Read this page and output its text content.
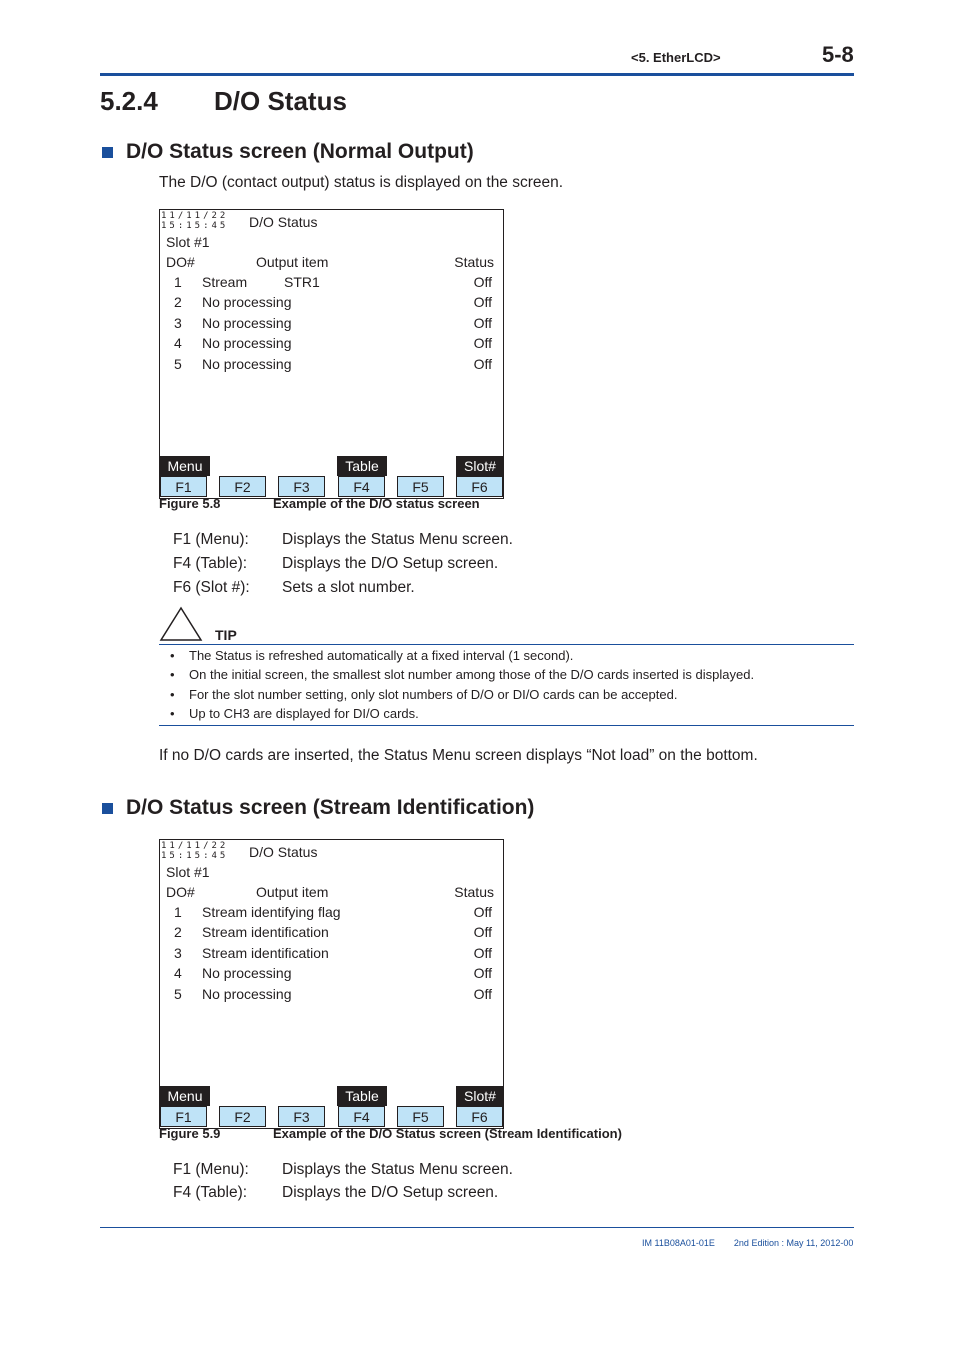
<5. EtherLCD>	5-8
5.2.4 D/O Status
D/O Status screen (Normal Output)
The D/O (contact output) status is displayed on the screen.
11/11/22
15:15:45 D/O Status
Slot #1
DO#	Output item	Status
1 Stream	STR1	Off
2 No processing	Off
3 No processing	Off
4 No processing	Off
5 No processing	Off
Menu	Table	Slot#
F1	F2	F3	F4	F5	F6
Figure 5.8	Example of the D/O status screen
F1 (Menu): Displays the Status Menu screen.
F4 (Table): Displays the D/O Setup screen.
F6 (Slot #): Sets a slot number.
TIP
• The Status is refreshed automatically at a fixed interval (1 second).
• On the initial screen, the smallest slot number among those of the D/O cards inserted is displayed.
• For the slot number setting, only slot numbers of D/O or DI/O cards can be accepted.
• Up to CH3 are displayed for DI/O cards.
If no D/O cards are inserted, the Status Menu screen displays “Not load” on the bottom.
D/O Status screen (Stream Identification)
11/11/22
15:15:45 D/O Status
Slot #1
DO#	Output item	Status
1 Stream identifying flag	Off
2 Stream identification	Off
3 Stream identification	Off
4 No processing	Off
5 No processing	Off
Menu	Table	Slot#
F1	F2	F3	F4	F5	F6
Figure 5.9	Example of the D/O Status screen (Stream Identification)
F1 (Menu): Displays the Status Menu screen.
F4 (Table): Displays the D/O Setup screen.
IM 11B08A01-01E 2nd Edition : May 11, 2012-00
